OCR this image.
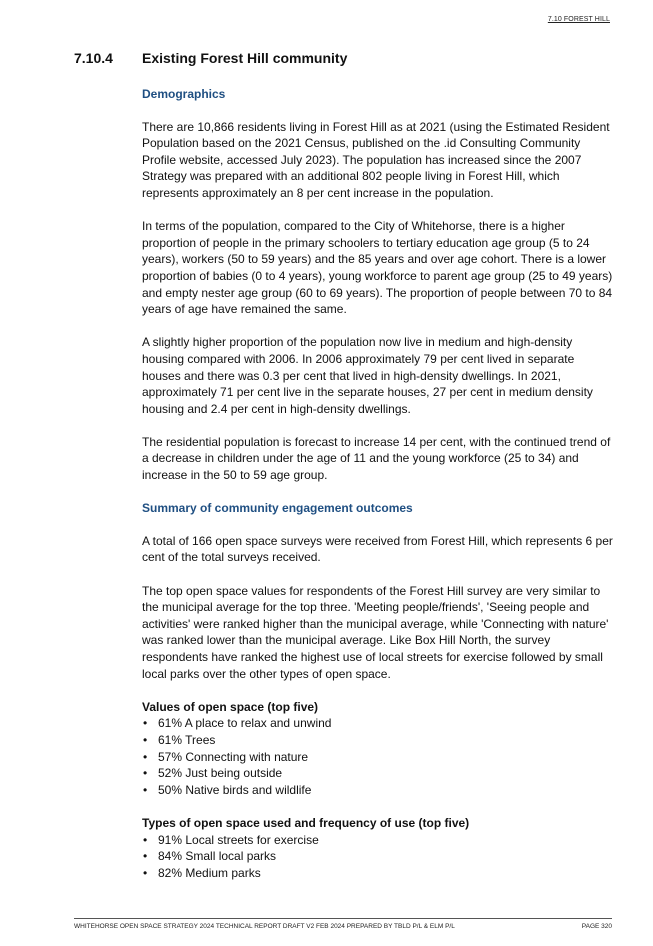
7.10 FOREST HILL
7.10.4	Existing Forest Hill community
Demographics

There are 10,866 residents living in Forest Hill as at 2021 (using the Estimated Resident Population based on the 2021 Census, published on the .id Consulting Community Profile website, accessed July 2023). The population has increased since the 2007 Strategy was prepared with an additional 802 people living in Forest Hill, which represents approximately an 8 per cent increase in the population.

In terms of the population, compared to the City of Whitehorse, there is a higher proportion of people in the primary schoolers to tertiary education age group (5 to 24 years), workers (50 to 59 years) and the 85 years and over age cohort. There is a lower proportion of babies (0 to 4 years), young workforce to parent age group (25 to 49 years) and empty nester age group (60 to 69 years). The proportion of people between 70 to 84 years of age have remained the same.

A slightly higher proportion of the population now live in medium and high-density housing compared with 2006. In 2006 approximately 79 per cent lived in separate houses and there was 0.3 per cent that lived in high-density dwellings. In 2021, approximately 71 per cent live in the separate houses, 27 per cent in medium density housing and 2.4 per cent in high-density dwellings.

The residential population is forecast to increase 14 per cent, with the continued trend of a decrease in children under the age of 11 and the young workforce (25 to 34) and increase in the 50 to 59 age group.

Summary of community engagement outcomes

A total of 166 open space surveys were received from Forest Hill, which represents 6 per cent of the total surveys received.

The top open space values for respondents of the Forest Hill survey are very similar to the municipal average for the top three. 'Meeting people/friends', 'Seeing people and activities' were ranked higher than the municipal average, while 'Connecting with nature' was ranked lower than the municipal average. Like Box Hill North, the survey respondents have ranked the highest use of local streets for exercise followed by small local parks over the other types of open space.

Values of open space (top five)
• 61% A place to relax and unwind
• 61% Trees
• 57% Connecting with nature
• 52% Just being outside
• 50% Native birds and wildlife
Types of open space used and frequency of use (top five)
• 91% Local streets for exercise
• 84% Small local parks
• 82% Medium parks
WHITEHORSE OPEN SPACE STRATEGY 2024 TECHNICAL REPORT DRAFT V2 FEB 2024 PREPARED BY TBLD P/L & ELM P/L	PAGE 320
